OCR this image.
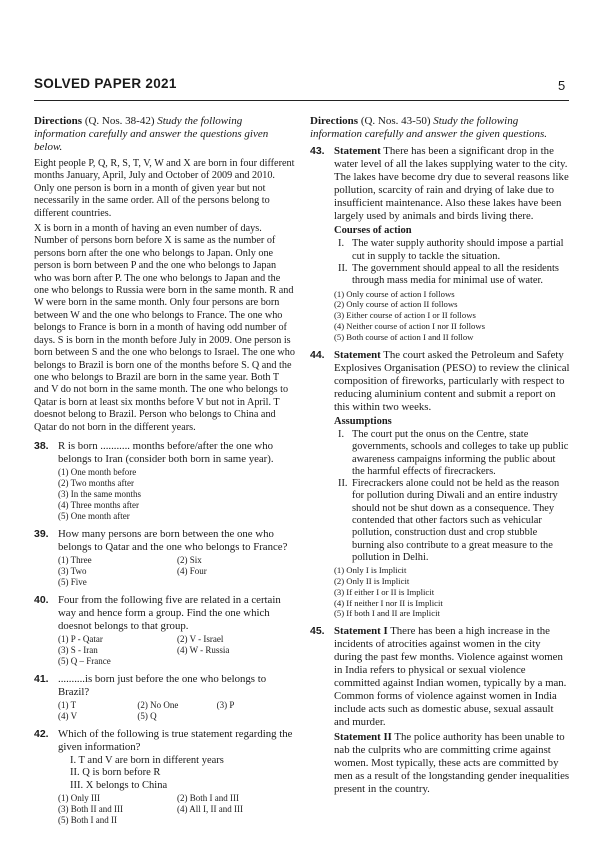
SOLVED PAPER 2021	5

Directions (Q. Nos. 38-42) Study the following information carefully and answer the questions given below.

Eight people P, Q, R, S, T, V, W and X are born in four different months January, April, July and October of 2009 and 2010. Only one person is born in a month of given year but not necessarily in the same order. All of the persons belong to different countries.

X is born in a month of having an even number of days. Number of persons born before X is same as the number of persons born after the one who belongs to Japan. Only one person is born between P and the one who belongs to Japan who was born after P. The one who belongs to Japan and the one who belongs to Russia were born in the same month. R and W were born in the same month. Only four persons are born between W and the one who belongs to France. The one who belongs to France is born in a month of having odd number of days. S is born in the month before July in 2009. One person is born between S and the one who belongs to Israel. The one who belongs to Brazil is born one of the months before S. Q and the one who belongs to Brazil are born in the same year. Both T and V do not born in the same month. The one who belongs to Qatar is born at least six months before V but not in April. T doesnot belong to Brazil. Person who belongs to China and Qatar do not born in the different years.

38. R is born ........... months before/after the one who belongs to Iran (consider both born in same year).
(1) One month before
(2) Two months after
(3) In the same months
(4) Three months after
(5) One month after
39. How many persons are born between the one who belongs to Qatar and the one who belongs to France?
(1) Three	(2) Six
(3) Two	(4) Four
(5) Five
40. Four from the following five are related in a certain way and hence form a group. Find the one which doesnot belongs to that group.
(1) P - Qatar	(2) V - Israel
(3) S - Iran	(4) W - Russia
(5) Q – France
41. ..........is born just before the one who belongs to Brazil?
(1) T	(2) No One	(3) P
(4) V	(5) Q
42. Which of the following is true statement regarding the given information?
I. T and V are born in different years
II. Q is born before R
III. X belongs to China
(1) Only III	(2) Both I and III
(3) Both II and III	(4) All I, II and III
(5) Both I and II

Directions (Q. Nos. 43-50) Study the following information carefully and answer the given questions.

43. Statement There has been a significant drop in the water level of all the lakes supplying water to the city. The lakes have become dry due to several reasons like pollution, scarcity of rain and drying of lake due to insufficient maintenance. Also these lakes have been largely used by animals and birds living there.
Courses of action
I. The water supply authority should impose a partial cut in supply to tackle the situation.
II. The government should appeal to all the residents through mass media for minimal use of water.
(1) Only course of action I follows
(2) Only course of action II follows
(3) Either course of action I or II follows
(4) Neither course of action I nor II follows
(5) Both course of action I and II follow
44. Statement The court asked the Petroleum and Safety Explosives Organisation (PESO) to review the clinical composition of fireworks, particularly with respect to reducing aluminium content and submit a report on this within two weeks.
Assumptions
I. The court put the onus on the Centre, state governments, schools and colleges to take up public awareness campaigns informing the public about the harmful effects of firecrackers.
II. Firecrackers alone could not be held as the reason for pollution during Diwali and an entire industry should not be shut down as a consequence. They contended that other factors such as vehicular pollution, construction dust and crop stubble burning also contribute to a great measure to the pollution in Delhi.
(1) Only I is Implicit
(2) Only II is Implicit
(3) If either I or II is Implicit
(4) If neither I nor II is Implicit
(5) If both I and II are Implicit
45. Statement I There has been a high increase in the incidents of atrocities against women in the city during the past few months. Violence against women in India refers to physical or sexual violence committed against Indian women, typically by a man. Common forms of violence against women in India include acts such as domestic abuse, sexual assault and murder.
Statement II The police authority has been unable to nab the culprits who are committing crime against women. Most typically, these acts are committed by men as a result of the longstanding gender inequalities present in the country.
